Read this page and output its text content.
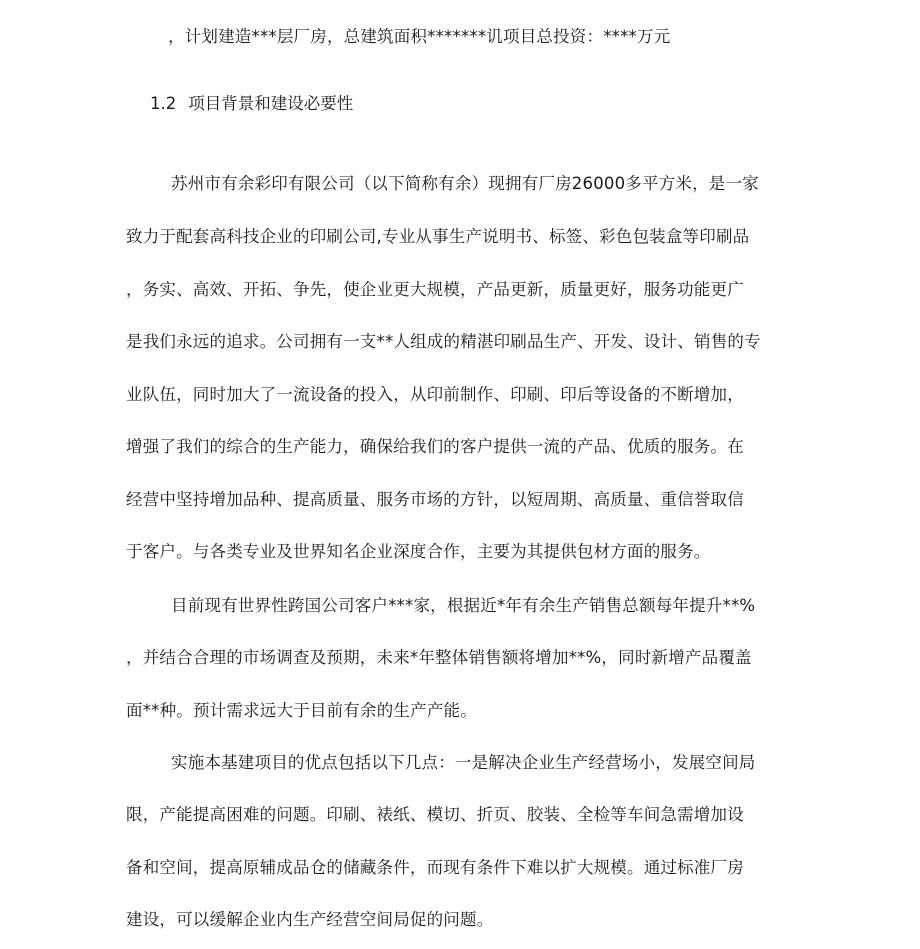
，计划建造***层厂房，总建筑面积*******讥项目总投资：****万元
1.2 项目背景和建设必要性
苏州市有余彩印有限公司（以下简称有余）现拥有厂房26000多平方米，是一家
致力于配套高科技企业的印刷公司,专业从事生产说明书、标签、彩色包装盒等印刷品
，务实、高效、开拓、争先，使企业更大规模，产品更新，质量更好，服务功能更广
是我们永远的追求。公司拥有一支**人组成的精湛印刷品生产、开发、设计、销售的专
业队伍，同时加大了一流设备的投入，从印前制作、印刷、印后等设备的不断增加，
增强了我们的综合的生产能力，确保给我们的客户提供一流的产品、优质的服务。在
经营中坚持增加品种、提高质量、服务市场的方针，以短周期、高质量、重信誉取信
于客户。与各类专业及世界知名企业深度合作，主要为其提供包材方面的服务。
目前现有世界性跨国公司客户***家，根据近*年有余生产销售总额每年提升**%
，并结合合理的市场调查及预期，未来*年整体销售额将增加**%，同时新增产品覆盖
面**种。预计需求远大于目前有余的生产产能。
实施本基建项目的优点包括以下几点：一是解决企业生产经营场小，发展空间局
限，产能提高困难的问题。印刷、裱纸、模切、折页、胶装、全检等车间急需增加设
备和空间，提高原辅成品仓的储藏条件，而现有条件下难以扩大规模。通过标准厂房
建设，可以缓解企业内生产经营空间局促的问题。
